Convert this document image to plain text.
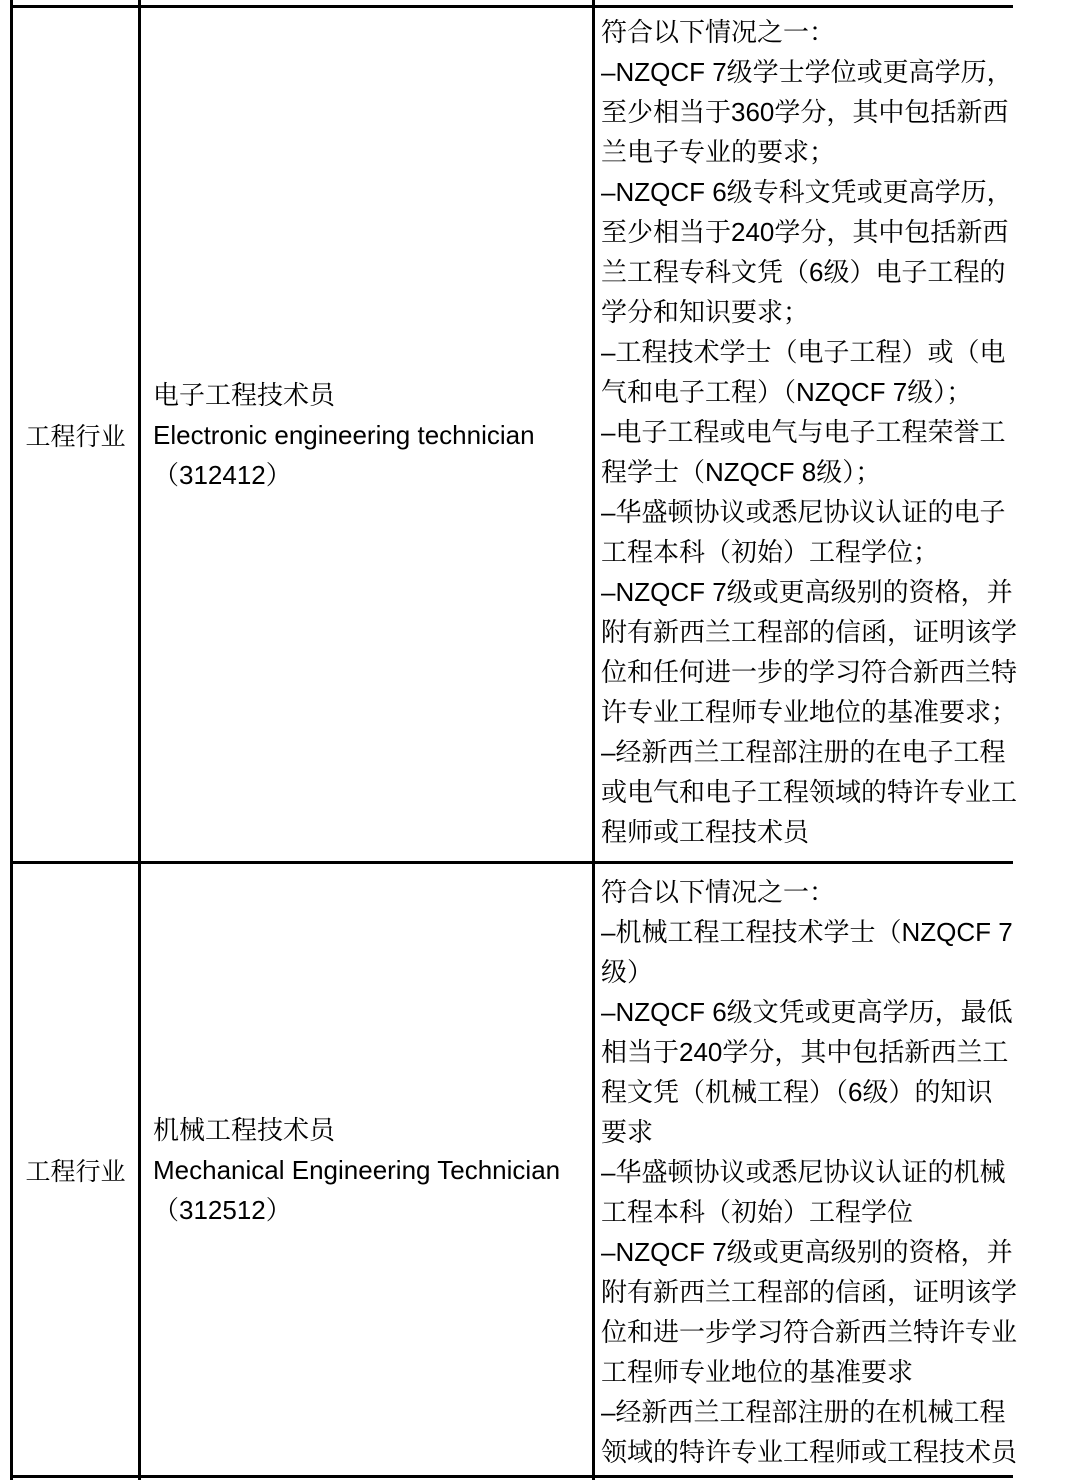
工程行业
电子工程技术员
Electronic engineering technician
（312412）
符合以下情况之一：
–NZQCF 7级学士学位或更高学历，
至少相当于360学分，其中包括新西
兰电子专业的要求；
–NZQCF 6级专科文凭或更高学历，
至少相当于240学分，其中包括新西
兰工程专科文凭（6级）电子工程的
学分和知识要求；
–工程技术学士（电子工程）或（电
气和电子工程）（NZQCF 7级）；
–电子工程或电气与电子工程荣誉工
程学士（NZQCF 8级）；
–华盛顿协议或悉尼协议认证的电子
工程本科（初始）工程学位；
–NZQCF 7级或更高级别的资格，并
附有新西兰工程部的信函，证明该学
位和任何进一步的学习符合新西兰特
许专业工程师专业地位的基准要求；
–经新西兰工程部注册的在电子工程
或电气和电子工程领域的特许专业工
程师或工程技术员
工程行业
机械工程技术员
Mechanical Engineering Technician
（312512）
符合以下情况之一：
–机械工程工程技术学士（NZQCF 7
级）
–NZQCF 6级文凭或更高学历，最低
相当于240学分，其中包括新西兰工
程文凭（机械工程）（6级）的知识
要求
–华盛顿协议或悉尼协议认证的机械
工程本科（初始）工程学位
–NZQCF 7级或更高级别的资格，并
附有新西兰工程部的信函，证明该学
位和进一步学习符合新西兰特许专业
工程师专业地位的基准要求
–经新西兰工程部注册的在机械工程
领域的特许专业工程师或工程技术员
